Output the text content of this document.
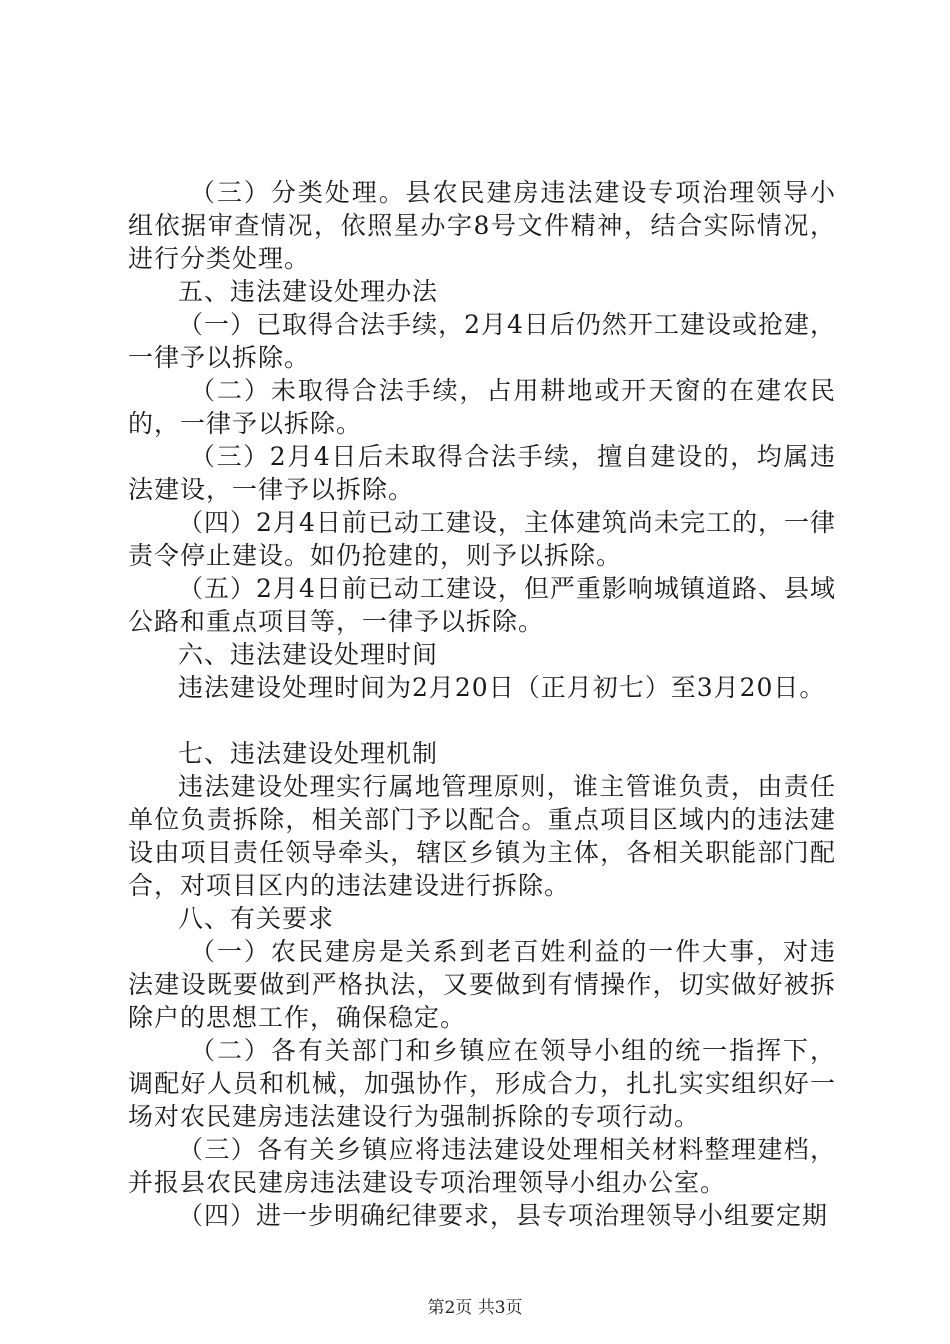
（三）分类处理。县农民建房违法建设专项治理领导小组依据审查情况，依照星办字8号文件精神，结合实际情况，进行分类处理。

五、违法建设处理办法

（一）已取得合法手续，2月4日后仍然开工建设或抢建，一律予以拆除。

（二）未取得合法手续，占用耕地或开天窗的在建农民的，一律予以拆除。

（三）2月4日后未取得合法手续，擅自建设的，均属违法建设，一律予以拆除。

（四）2月4日前已动工建设，主体建筑尚未完工的，一律责令停止建设。如仍抢建的，则予以拆除。

（五）2月4日前已动工建设，但严重影响城镇道路、县域公路和重点项目等，一律予以拆除。

六、违法建设处理时间

违法建设处理时间为2月20日（正月初七）至3月20日。

七、违法建设处理机制

违法建设处理实行属地管理原则，谁主管谁负责，由责任单位负责拆除，相关部门予以配合。重点项目区域内的违法建设由项目责任领导牵头，辖区乡镇为主体，各相关职能部门配合，对项目区内的违法建设进行拆除。

八、有关要求

（一）农民建房是关系到老百姓利益的一件大事，对违法建设既要做到严格执法，又要做到有情操作，切实做好被拆除户的思想工作，确保稳定。

（二）各有关部门和乡镇应在领导小组的统一指挥下，调配好人员和机械，加强协作，形成合力，扎扎实实组织好一场对农民建房违法建设行为强制拆除的专项行动。

（三）各有关乡镇应将违法建设处理相关材料整理建档，并报县农民建房违法建设专项治理领导小组办公室。

（四）进一步明确纪律要求，县专项治理领导小组要定期

第2页 共3页
